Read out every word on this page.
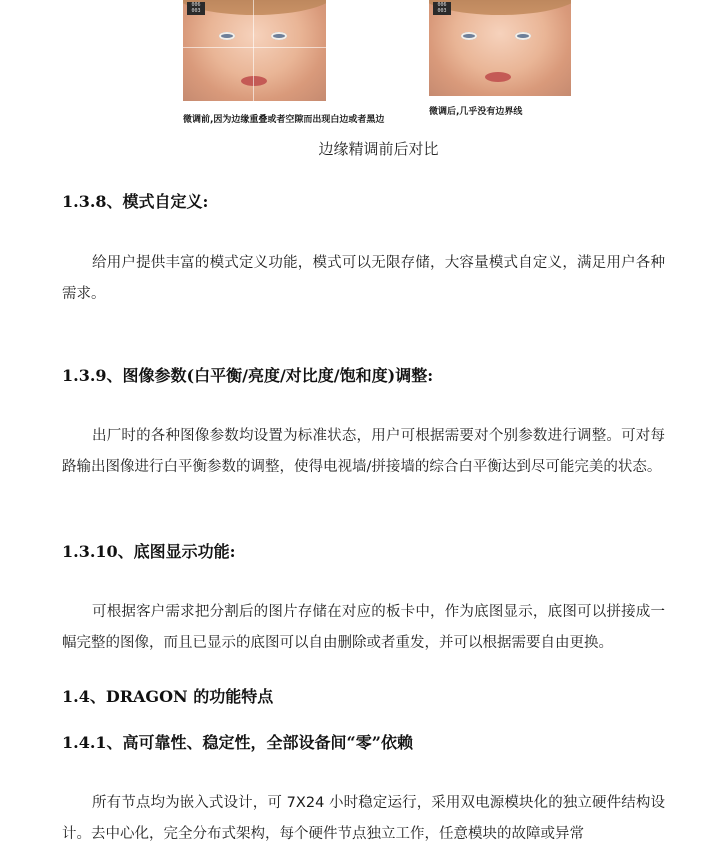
006
003
006
003

微调前,因为边缘重叠或者空隙而出现白边或者黑边

微调后,几乎没有边界线

边缘精调前后对比

1.3.8、模式自定义:

给用户提供丰富的模式定义功能，模式可以无限存储，大容量模式自定义，满足用户各种需求。

1.3.9、图像参数(白平衡/亮度/对比度/饱和度)调整:

出厂时的各种图像参数均设置为标准状态，用户可根据需要对个别参数进行调整。可对每路输出图像进行白平衡参数的调整，使得电视墙/拼接墙的综合白平衡达到尽可能完美的状态。

1.3.10、底图显示功能:

可根据客户需求把分割后的图片存储在对应的板卡中，作为底图显示，底图可以拼接成一幅完整的图像，而且已显示的底图可以自由删除或者重发，并可以根据需要自由更换。

1.4、DRAGON 的功能特点
1.4.1、高可靠性、稳定性，全部设备间“零”依赖

所有节点均为嵌入式设计，可 7X24 小时稳定运行，采用双电源模块化的独立硬件结构设计。去中心化，完全分布式架构，每个硬件节点独立工作，任意模块的故障或异常
